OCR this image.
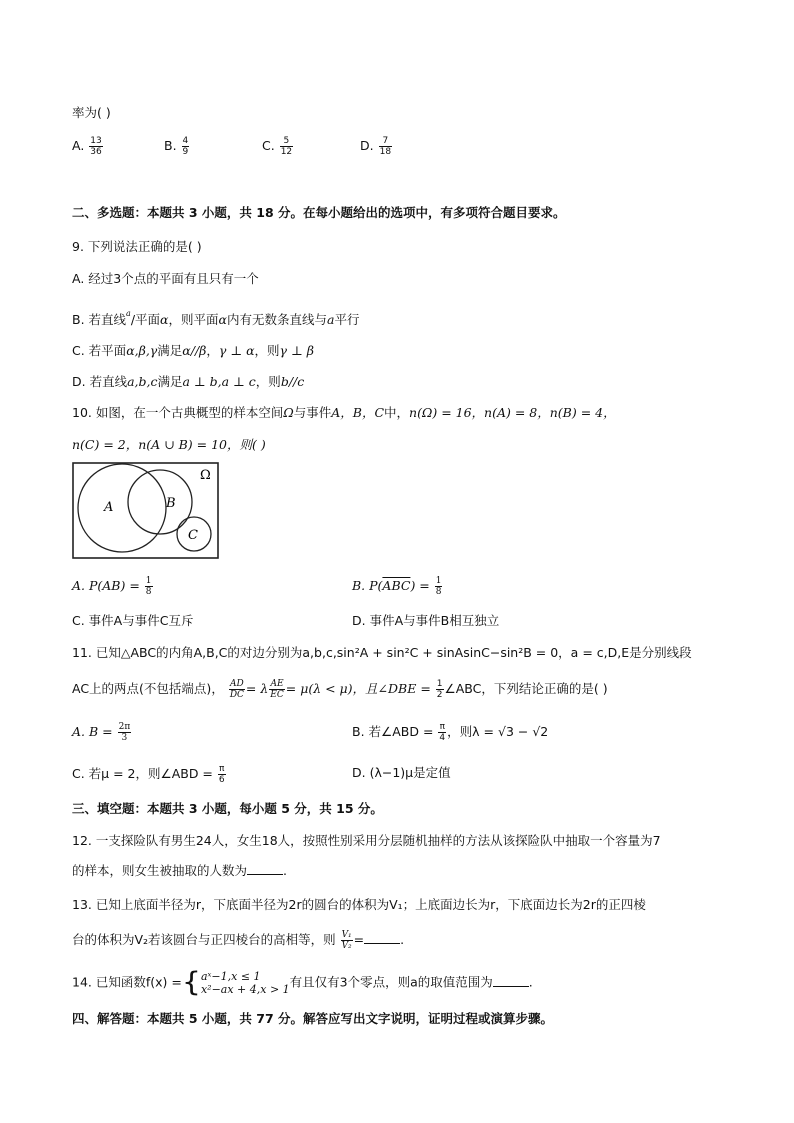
率为( )
A. $\frac{13}{36}$	B. $\frac{4}{9}$	C. $\frac{5}{12}$	D. $\frac{7}{18}$
二、多选题：本题共 3 小题，共 18 分。在每小题给出的选项中，有多项符合题目要求。
9. 下列说法正确的是( )
A. 经过3个点的平面有且只有一个
B. 若直线$^a$/平面α，则平面α内有无数条直线与a平行
C. 若平面α,β,γ满足α//β，γ ⊥ α，则γ ⊥ β
D. 若直线a,b,c满足a ⊥ b,a ⊥ c，则b//c
10. 如图，在一个古典概型的样本空间Ω与事件A，B，C中，n(Ω) = 16，n(A) = 8，n(B) = 4，
n(C) = 2，n(A ∪ B) = 10，则( )
Ω
A	B
C
A. $P(AB) = \frac{1}{8}$	B. $P(\overline{ABC}) = \frac{1}{8}$
C. 事件A与事件C互斥	D. 事件A与事件B相互独立
11. 已知△ABC的内角A,B,C的对边分别为a,b,c,sin²A + sin²C + sinAsinC−sin²B = 0，a = c,D,E是分别线段
AC上的两点(不包括端点)， $\frac{AD}{DC} = \lambda \frac{AE}{EC} = \mu(\lambda < \mu)$，且∠DBE = $\frac{1}{2}$ ∠ABC，下列结论正确的是( )
A. $B = \frac{2\pi}{3}$	B. 若∠ABD = $\frac{\pi}{4}$ ，则λ = √3 − √2
C. 若μ = 2，则∠ABD = $\frac{\pi}{6}$	D. (λ−1)μ是定值
三、填空题：本题共 3 小题，每小题 5 分，共 15 分。
12. 一支探险队有男生24人，女生18人，按照性别采用分层随机抽样的方法从该探险队中抽取一个容量为7
的样本，则女生被抽取的人数为	.
13. 已知上底面半径为r，下底面半径为2r的圆台的体积为V₁；上底面边长为r，下底面边长为2r的正四棱
台的体积为V₂若该圆台与正四棱台的高相等，则 $\frac{\text{V₁}}{\text{V₂}}$ =	.
14. 已知函数f(x) ={ aˣ−1,x ≤ 1
x²−ax + 4,x > 1 有且仅有3个零点，则a的取值范围为	.
四、解答题：本题共 5 小题，共 77 分。解答应写出文字说明，证明过程或演算步骤。
